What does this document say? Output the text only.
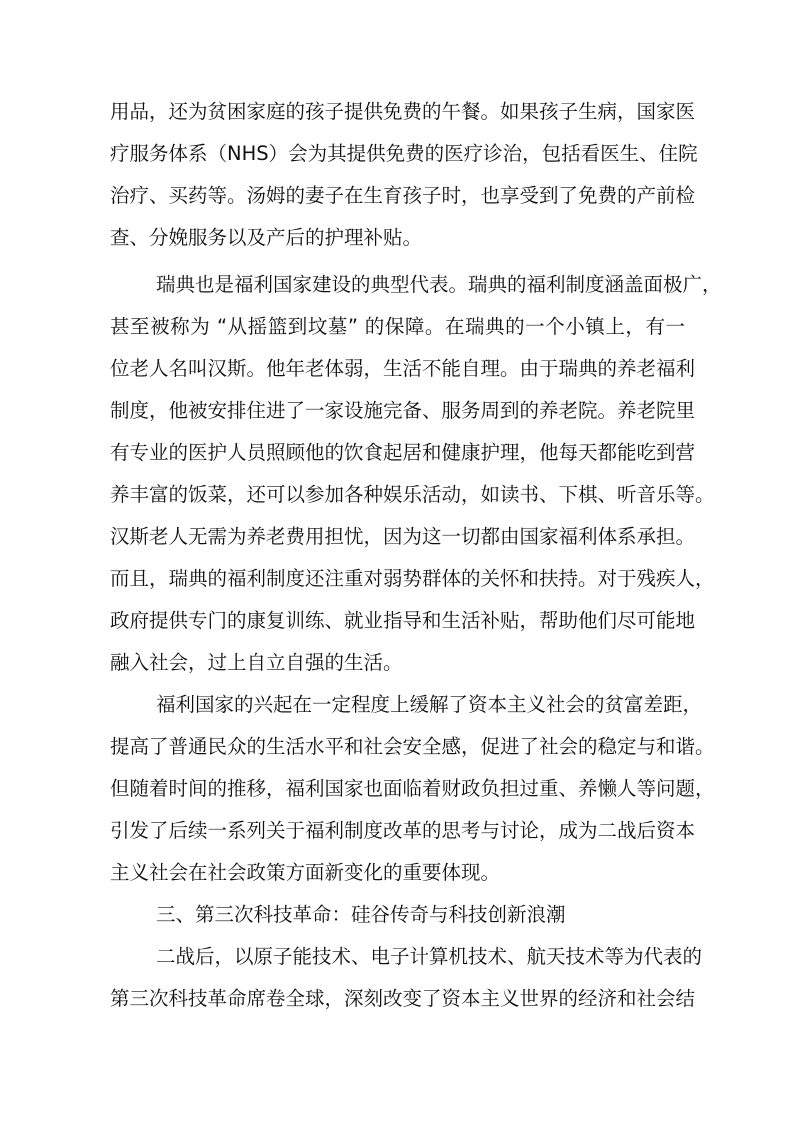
用品，还为贫困家庭的孩子提供免费的午餐。如果孩子生病，国家医
疗服务体系（NHS）会为其提供免费的医疗诊治，包括看医生、住院
治疗、买药等。汤姆的妻子在生育孩子时，也享受到了免费的产前检
查、分娩服务以及产后的护理补贴。
瑞典也是福利国家建设的典型代表。瑞典的福利制度涵盖面极广，
甚至被称为 “从摇篮到坟墓” 的保障。在瑞典的一个小镇上，有一
位老人名叫汉斯。他年老体弱，生活不能自理。由于瑞典的养老福利
制度，他被安排住进了一家设施完备、服务周到的养老院。养老院里
有专业的医护人员照顾他的饮食起居和健康护理，他每天都能吃到营
养丰富的饭菜，还可以参加各种娱乐活动，如读书、下棋、听音乐等。
汉斯老人无需为养老费用担忧，因为这一切都由国家福利体系承担。
而且，瑞典的福利制度还注重对弱势群体的关怀和扶持。对于残疾人，
政府提供专门的康复训练、就业指导和生活补贴，帮助他们尽可能地
融入社会，过上自立自强的生活。
福利国家的兴起在一定程度上缓解了资本主义社会的贫富差距，
提高了普通民众的生活水平和社会安全感，促进了社会的稳定与和谐。
但随着时间的推移，福利国家也面临着财政负担过重、养懒人等问题，
引发了后续一系列关于福利制度改革的思考与讨论，成为二战后资本
主义社会在社会政策方面新变化的重要体现。
三、第三次科技革命：硅谷传奇与科技创新浪潮
二战后，以原子能技术、电子计算机技术、航天技术等为代表的
第三次科技革命席卷全球，深刻改变了资本主义世界的经济和社会结
